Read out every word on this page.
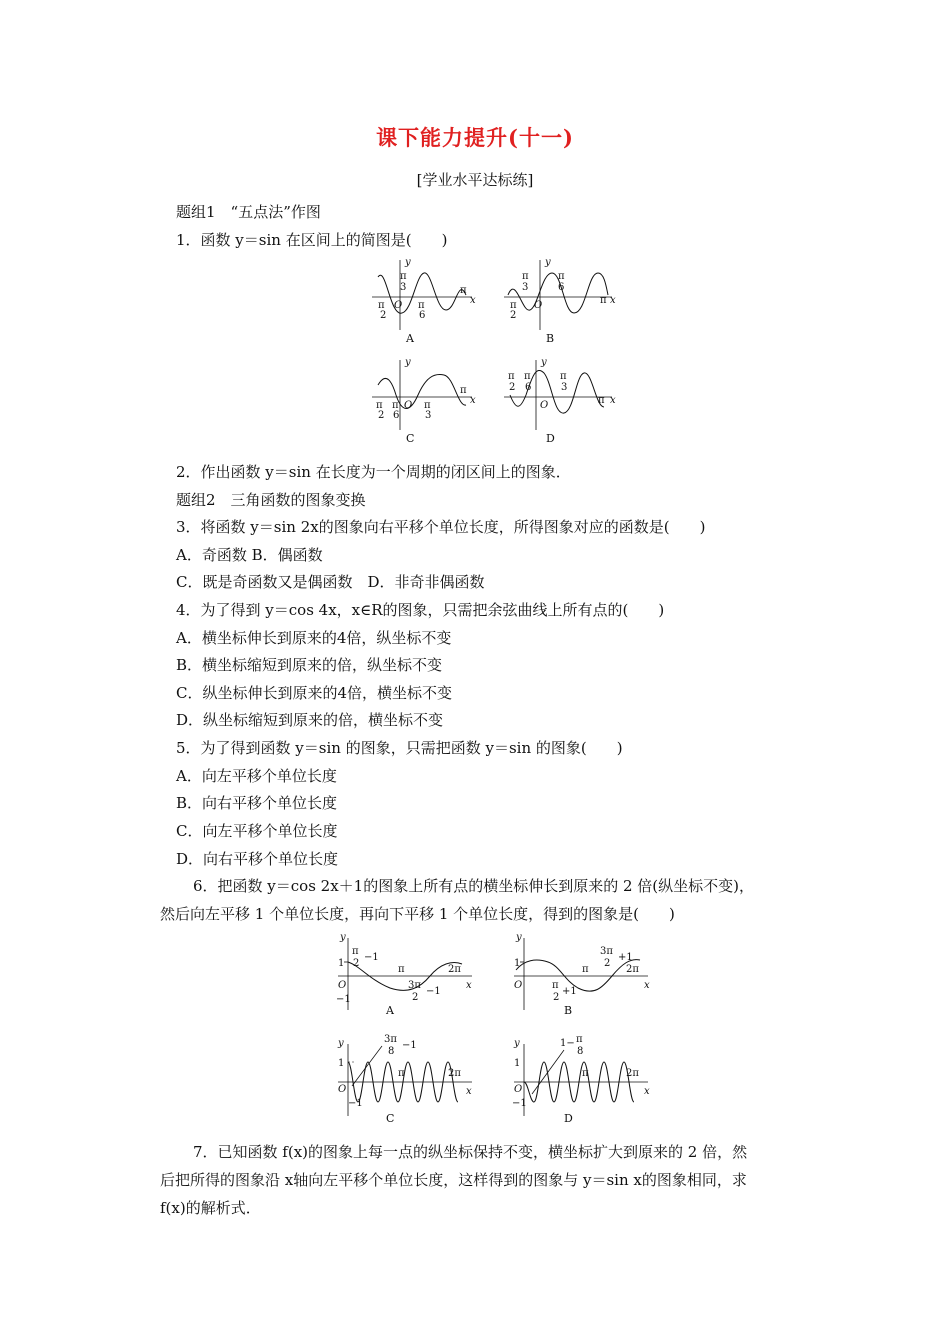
课下能力提升(十一)
[学业水平达标练]
题组1　“五点法”作图
1．函数 y＝sin 在区间上的简图是(　　)
y
x
O
π
3
π
2
π
6
π
A
y
x
O
π
3
π
6
π
2
π
B
y
x
O
π
2
π
6
π
3
π
C
y
x
O
π
2
π
6
π
3
π
D
2．作出函数 y＝sin 在长度为一个周期的闭区间上的图象．
题组2　三角函数的图象变换
3．将函数 y＝sin 2x的图象向右平移个单位长度，所得图象对应的函数是(　　)
A．奇函数 B．偶函数
C．既是奇函数又是偶函数　D．非奇非偶函数
4．为了得到 y＝cos 4x，x∈R的图象，只需把余弦曲线上所有点的(　　)
A．横坐标伸长到原来的4倍，纵坐标不变
B．横坐标缩短到原来的倍，纵坐标不变
C．纵坐标伸长到原来的4倍，横坐标不变
D．纵坐标缩短到原来的倍，横坐标不变
5．为了得到函数 y＝sin 的图象，只需把函数 y＝sin 的图象(　　)
A．向左平移个单位长度
B．向右平移个单位长度
C．向左平移个单位长度
D．向右平移个单位长度
6．把函数 y＝cos 2x＋1的图象上所有点的横坐标伸长到原来的 2 倍(纵坐标不变)，
然后向左平移 1 个单位长度，再向下平移 1 个单位长度，得到的图象是(　　)
y
x
1
−1
O
π
2
−1
π	2π
3π
2
−1
A
y
x
1
O	π
2
+1
π	2π
3π
2
+1
B
y
x
1
−1
O
3π
8
−1
π	2π
C
y
x
1
−1
O
1− π
8
π	2π
D
7．已知函数 f(x)的图象上每一点的纵坐标保持不变，横坐标扩大到原来的 2 倍，然
后把所得的图象沿 x轴向左平移个单位长度，这样得到的图象与 y＝sin x的图象相同，求
f(x)的解析式．
